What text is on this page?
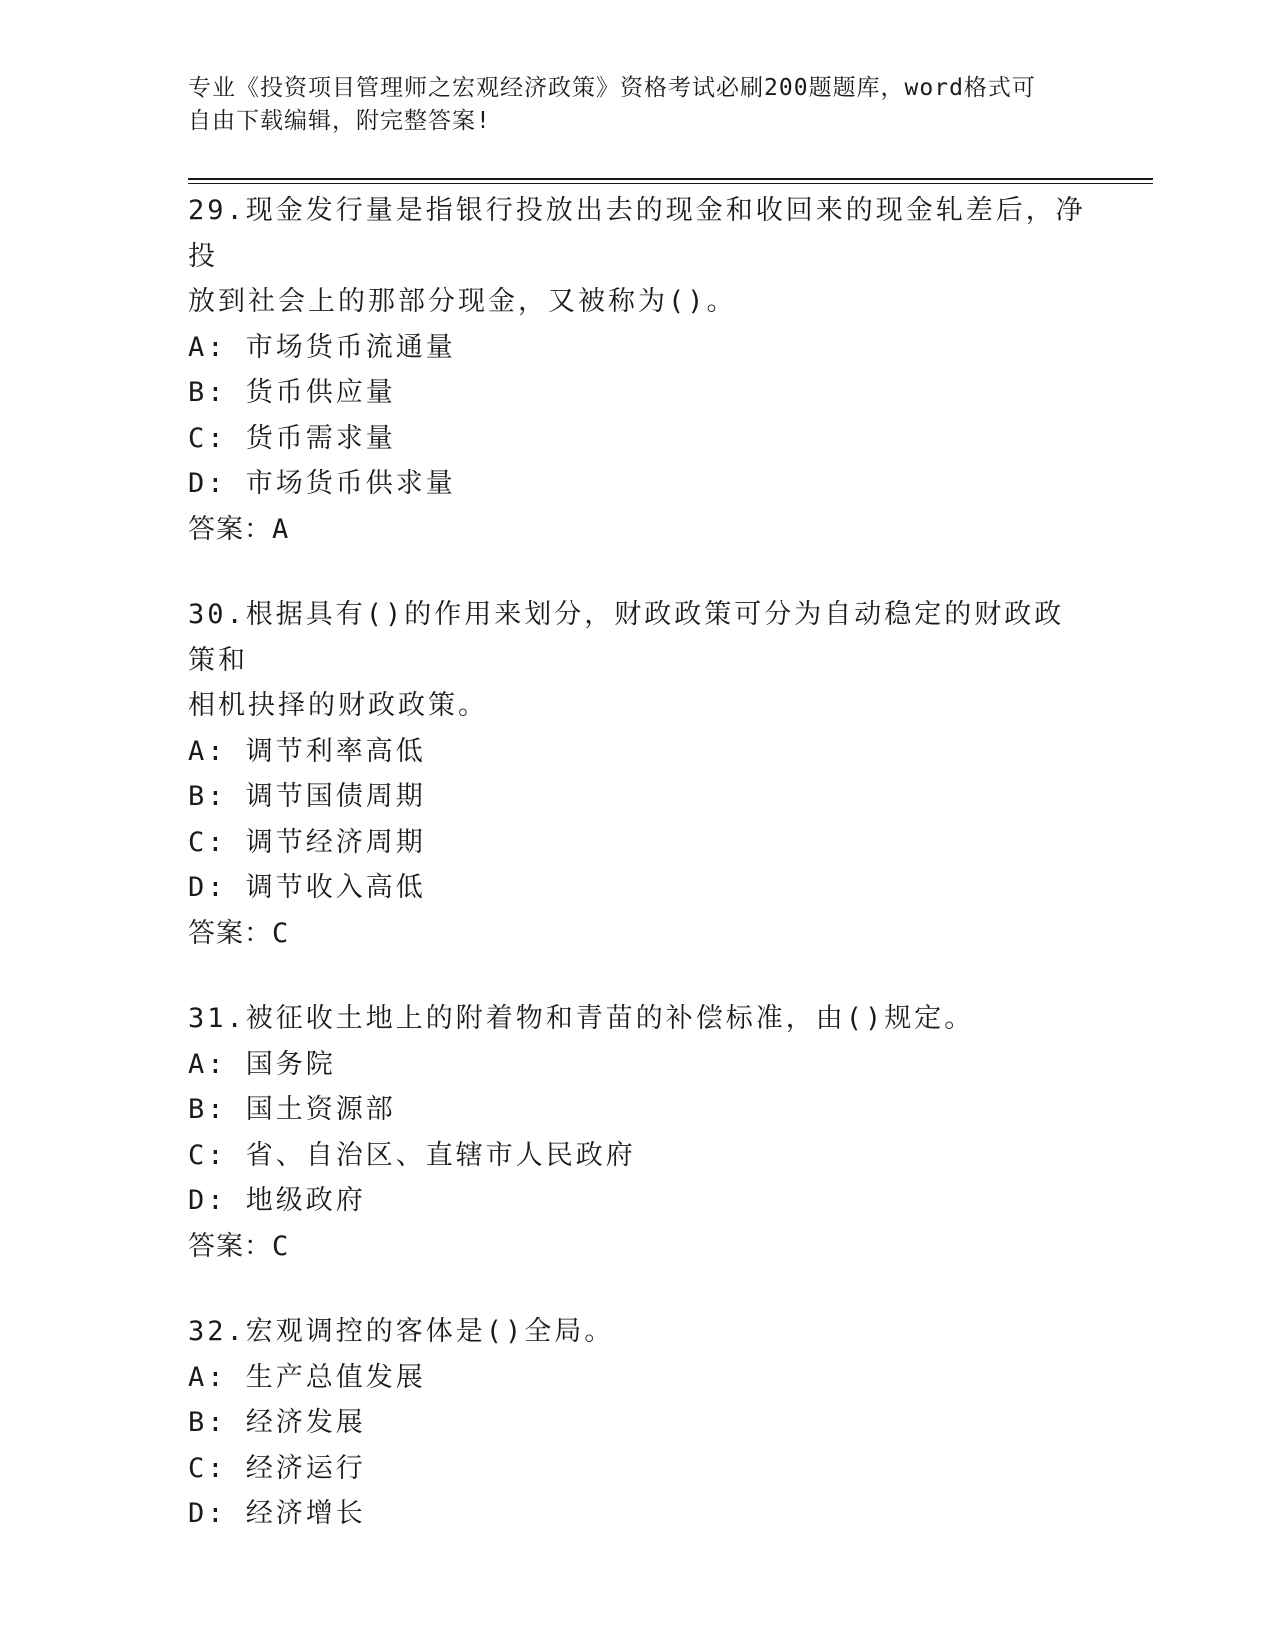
专业《投资项目管理师之宏观经济政策》资格考试必刷200题题库，word格式可
自由下载编辑，附完整答案!
29.现金发行量是指银行投放出去的现金和收回来的现金轧差后，净投
放到社会上的那部分现金，又被称为()。
A: 市场货币流通量
B: 货币供应量
C: 货币需求量
D: 市场货币供求量
答案：A
30.根据具有()的作用来划分，财政政策可分为自动稳定的财政政策和
相机抉择的财政政策。
A: 调节利率高低
B: 调节国债周期
C: 调节经济周期
D: 调节收入高低
答案：C
31.被征收土地上的附着物和青苗的补偿标准，由()规定。
A: 国务院
B: 国土资源部
C: 省、自治区、直辖市人民政府
D: 地级政府
答案：C
32.宏观调控的客体是()全局。
A: 生产总值发展
B: 经济发展
C: 经济运行
D: 经济增长
